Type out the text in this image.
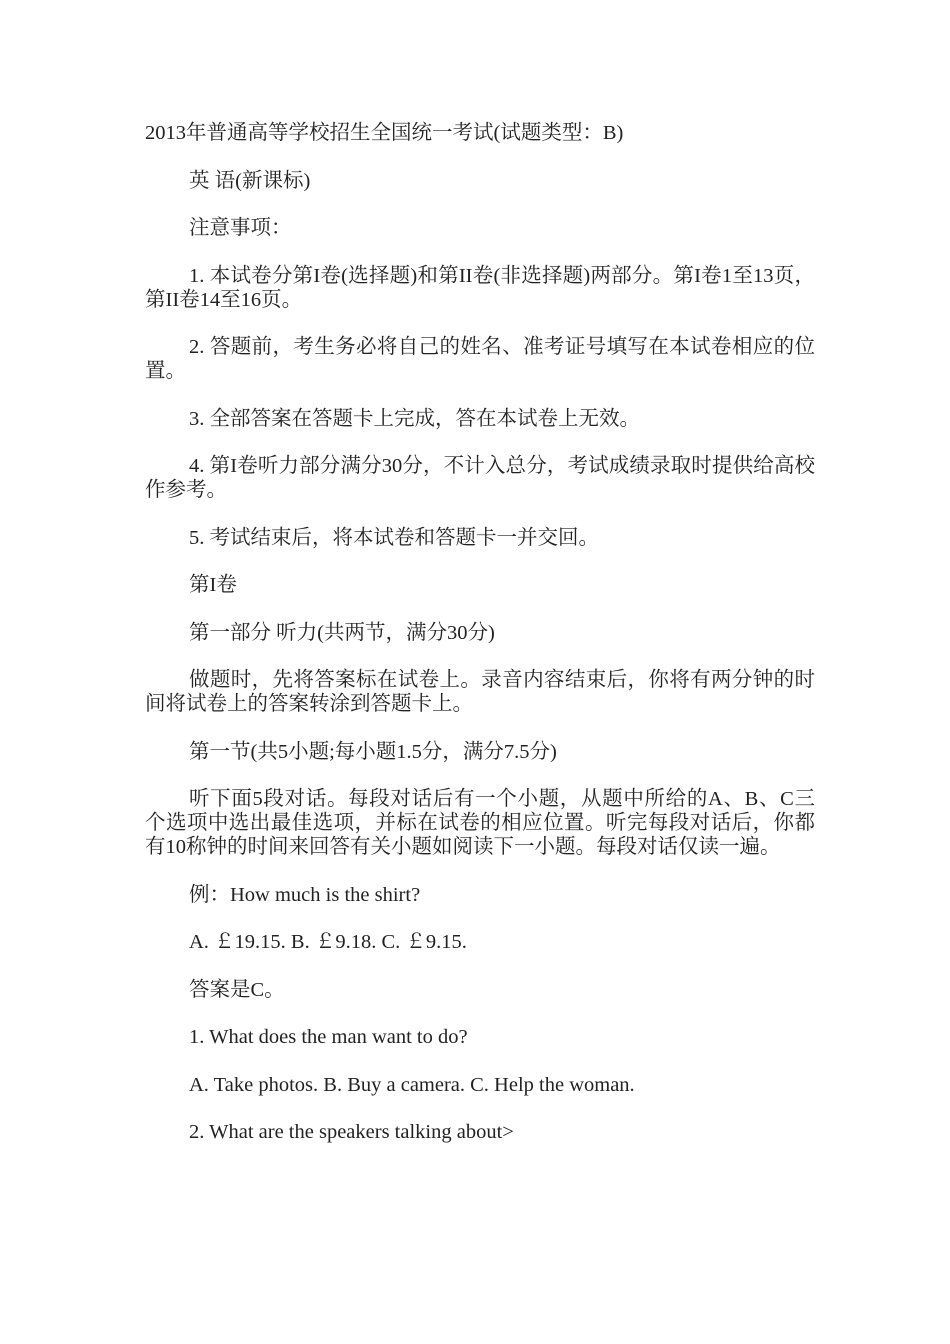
2013年普通高等学校招生全国统一考试(试题类型：B)

英 语(新课标)

注意事项：

1. 本试卷分第I卷(选择题)和第II卷(非选择题)两部分。第I卷1至13页，第II卷14至16页。

2. 答题前，考生务必将自己的姓名、准考证号填写在本试卷相应的位置。

3. 全部答案在答题卡上完成，答在本试卷上无效。

4. 第I卷听力部分满分30分，不计入总分，考试成绩录取时提供给高校作参考。

5. 考试结束后，将本试卷和答题卡一并交回。

第I卷

第一部分 听力(共两节，满分30分)

做题时，先将答案标在试卷上。录音内容结束后，你将有两分钟的时间将试卷上的答案转涂到答题卡上。

第一节(共5小题;每小题1.5分，满分7.5分)

听下面5段对话。每段对话后有一个小题，从题中所给的A、B、C三个选项中选出最佳选项，并标在试卷的相应位置。听完每段对话后，你都有10称钟的时间来回答有关小题如阅读下一小题。每段对话仅读一遍。

例：How much is the shirt?

A. ￡19.15. B. ￡9.18. C. ￡9.15.

答案是C。

1. What does the man want to do?

A. Take photos. B. Buy a camera. C. Help the woman.

2. What are the speakers talking about>
